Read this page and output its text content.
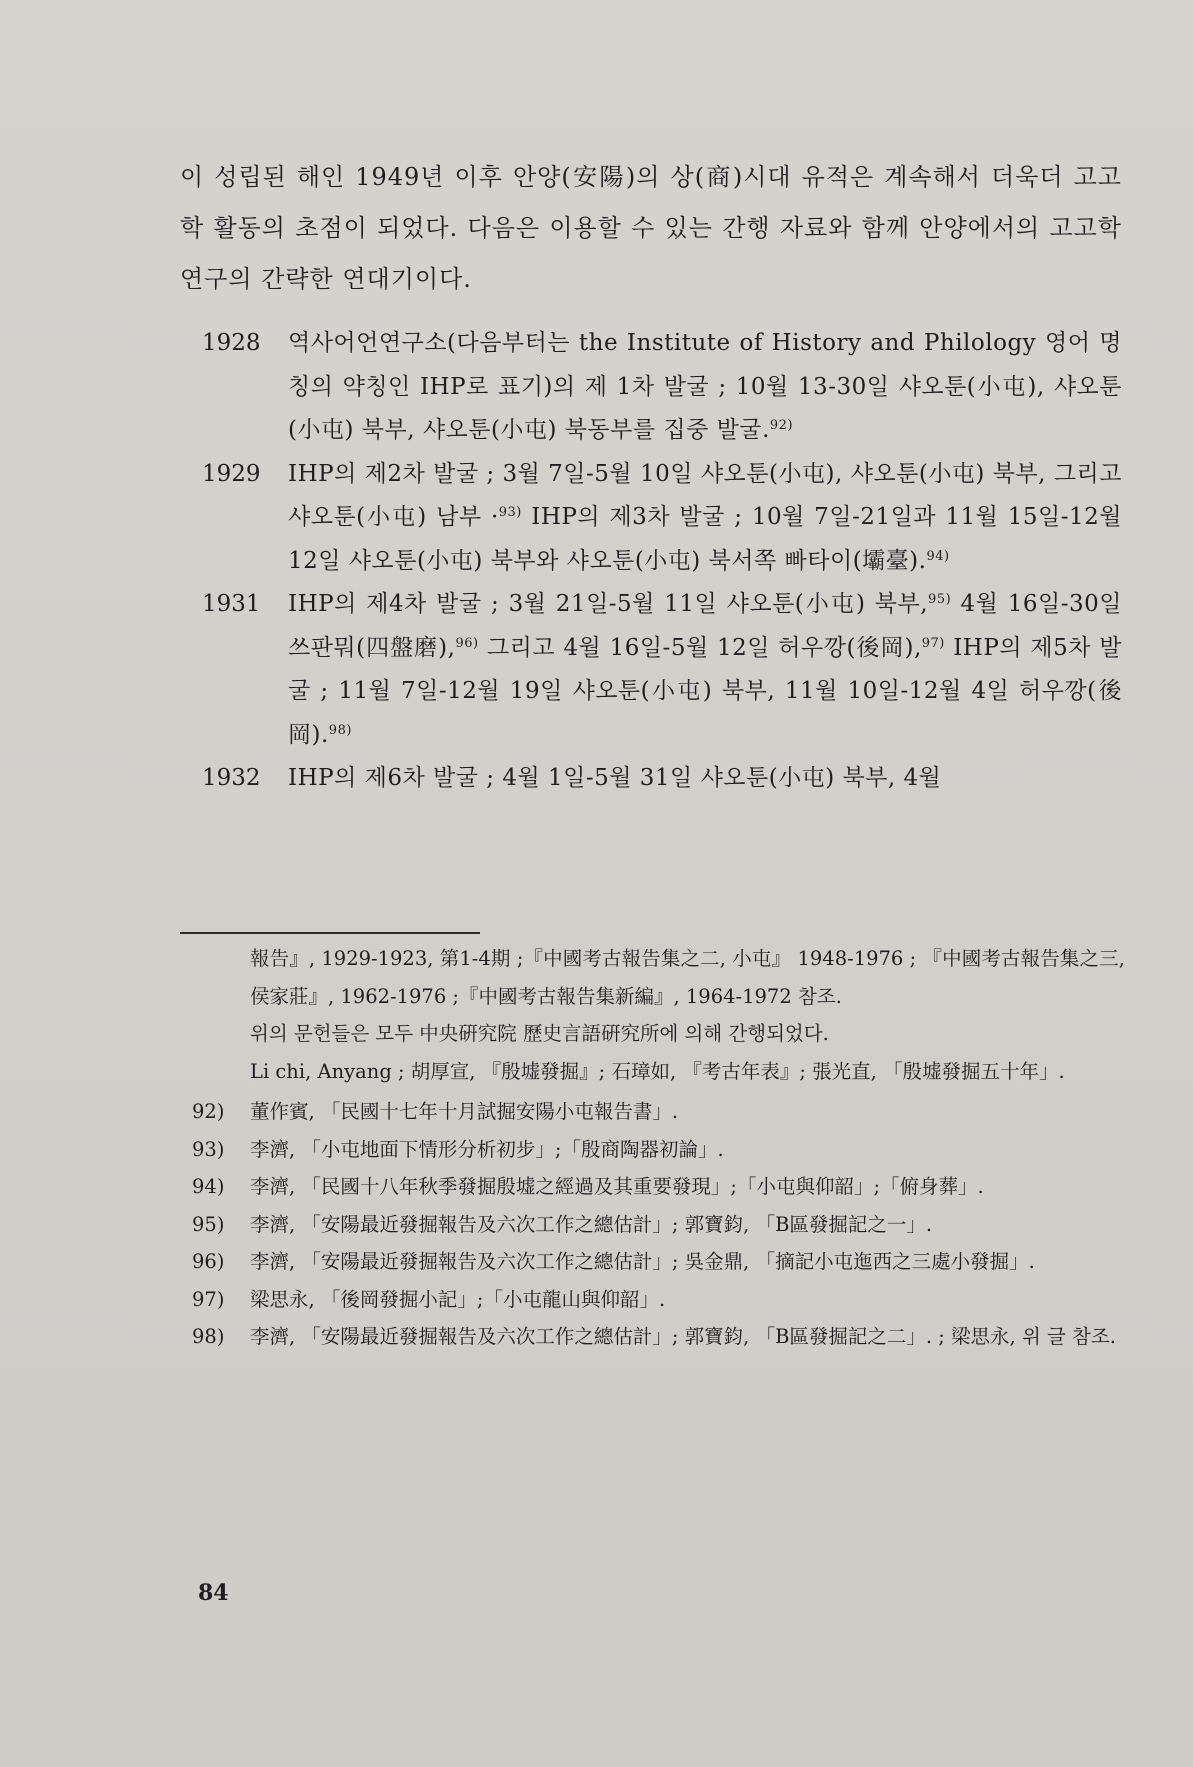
이 성립된 해인 1949년 이후 안양(安陽)의 상(商)시대 유적은 계속해서 더욱더 고고학 활동의 초점이 되었다. 다음은 이용할 수 있는 간행 자료와 함께 안양에서의 고고학 연구의 간략한 연대기이다.
1928	역사어언연구소(다음부터는 the Institute of History and Philology 영어 명칭의 약칭인 IHP로 표기)의 제 1차 발굴 ; 10월 13-30일 샤오툰(小屯), 샤오툰(小屯) 북부, 샤오툰(小屯) 북동부를 집중 발굴.$^{92)}$
1929	IHP의 제2차 발굴 ; 3월 7일-5월 10일 샤오툰(小屯), 샤오툰(小屯) 북부, 그리고 샤오툰(小屯) 남부 ·$^{93)}$ IHP의 제3차 발굴 ; 10월 7일-21일과 11월 15일-12월 12일 샤오툰(小屯) 북부와 샤오툰(小屯) 북서쪽 빠타이(壩臺).$^{94)}$
1931	IHP의 제4차 발굴 ; 3월 21일-5월 11일 샤오툰(小屯) 북부,$^{95)}$ 4월 16일-30일 쓰판뭐(四盤磨),$^{96)}$ 그리고 4월 16일-5월 12일 허우깡(後岡),$^{97)}$ IHP의 제5차 발굴 ; 11월 7일-12월 19일 샤오툰(小屯) 북부, 11월 10일-12월 4일 허우깡(後岡).$^{98)}$
1932	IHP의 제6차 발굴 ; 4월 1일-5월 31일 샤오툰(小屯) 북부, 4월
報告』, 1929-1923, 第1-4期 ;『中國考古報告集之二, 小屯』 1948-1976 ; 『中國考古報告集之三, 侯家莊』, 1962-1976 ;『中國考古報告集新編』, 1964-1972 참조.
위의 문헌들은 모두 中央硏究院 歷史言語硏究所에 의해 간행되었다.
Li chi, Anyang ; 胡厚宣, 『殷墟發掘』; 石璋如, 『考古年表』; 張光直, 「殷墟發掘五十年」.
92)	董作賓, 「民國十七年十月試掘安陽小屯報告書」.
93)	李濟, 「小屯地面下情形分析初步」;「殷商陶器初論」.
94)	李濟, 「民國十八年秋季發掘殷墟之經過及其重要發現」;「小屯與仰韶」;「俯身葬」.
95)	李濟, 「安陽最近發掘報告及六次工作之總估計」; 郭寶鈞, 「B區發掘記之一」.
96)	李濟, 「安陽最近發掘報告及六次工作之總估計」; 吳金鼎, 「摘記小屯迤西之三處小發掘」.
97)	梁思永, 「後岡發掘小記」;「小屯龍山與仰韶」.
98)	李濟, 「安陽最近發掘報告及六次工作之總估計」; 郭寶鈞, 「B區發掘記之二」. ; 梁思永, 위 글 참조.
84
